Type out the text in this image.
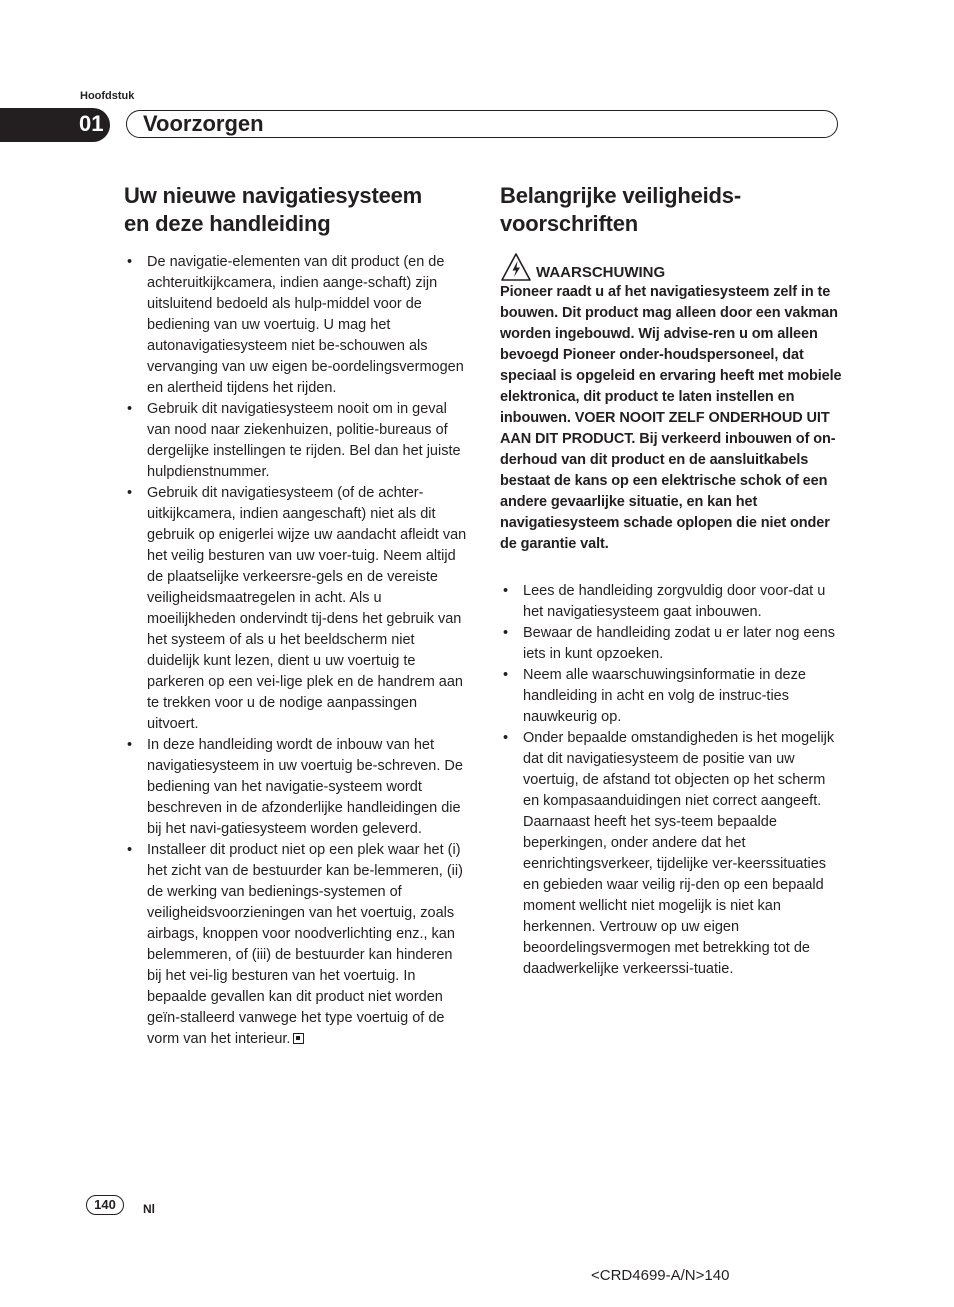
Hoofdstuk
01 Voorzorgen
Uw nieuwe navigatiesysteem
en deze handleiding
• De navigatie-elementen van dit product (en de achteruitkijkcamera, indien aange-schaft) zijn uitsluitend bedoeld als hulp-middel voor de bediening van uw voertuig. U mag het autonavigatiesysteem niet be-schouwen als vervanging van uw eigen be-oordelingsvermogen en alertheid tijdens het rijden.
• Gebruik dit navigatiesysteem nooit om in geval van nood naar ziekenhuizen, politie-bureaus of dergelijke instellingen te rijden. Bel dan het juiste hulpdienstnummer.
• Gebruik dit navigatiesysteem (of de achter-uitkijkcamera, indien aangeschaft) niet als dit gebruik op enigerlei wijze uw aandacht afleidt van het veilig besturen van uw voer-tuig. Neem altijd de plaatselijke verkeersre-gels en de vereiste veiligheidsmaatregelen in acht. Als u moeilijkheden ondervindt tij-dens het gebruik van het systeem of als u het beeldscherm niet duidelijk kunt lezen, dient u uw voertuig te parkeren op een vei-lige plek en de handrem aan te trekken voor u de nodige aanpassingen uitvoert.
• In deze handleiding wordt de inbouw van het navigatiesysteem in uw voertuig be-schreven. De bediening van het navigatie-systeem wordt beschreven in de afzonderlijke handleidingen die bij het navi-gatiesysteem worden geleverd.
• Installeer dit product niet op een plek waar het (i) het zicht van de bestuurder kan be-lemmeren, (ii) de werking van bedienings-systemen of veiligheidsvoorzieningen van het voertuig, zoals airbags, knoppen voor noodverlichting enz., kan belemmeren, of (iii) de bestuurder kan hinderen bij het vei-lig besturen van het voertuig. In bepaalde gevallen kan dit product niet worden geïn-stalleerd vanwege het type voertuig of de vorm van het interieur.
Belangrijke veiligheids-
voorschriften
WAARSCHUWING

Pioneer raadt u af het navigatiesysteem zelf in te bouwen. Dit product mag alleen door een vakman worden ingebouwd. Wij advise-ren u om alleen bevoegd Pioneer onder-houdspersoneel, dat speciaal is opgeleid en ervaring heeft met mobiele elektronica, dit product te laten instellen en inbouwen. VOER NOOIT ZELF ONDERHOUD UIT AAN DIT PRODUCT. Bij verkeerd inbouwen of on-derhoud van dit product en de aansluitkabels bestaat de kans op een elektrische schok of een andere gevaarlijke situatie, en kan het navigatiesysteem schade oplopen die niet onder de garantie valt.

• Lees de handleiding zorgvuldig door voor-dat u het navigatiesysteem gaat inbouwen.
• Bewaar de handleiding zodat u er later nog eens iets in kunt opzoeken.
• Neem alle waarschuwingsinformatie in deze handleiding in acht en volg de instruc-ties nauwkeurig op.
• Onder bepaalde omstandigheden is het mogelijk dat dit navigatiesysteem de positie van uw voertuig, de afstand tot objecten op het scherm en kompasaanduidingen niet correct aangeeft. Daarnaast heeft het sys-teem bepaalde beperkingen, onder andere dat het eenrichtingsverkeer, tijdelijke ver-keerssituaties en gebieden waar veilig rij-den op een bepaald moment wellicht niet mogelijk is niet kan herkennen. Vertrouw op uw eigen beoordelingsvermogen met betrekking tot de daadwerkelijke verkeerssi-tuatie.
140	Nl
<CRD4699-A/N>140
